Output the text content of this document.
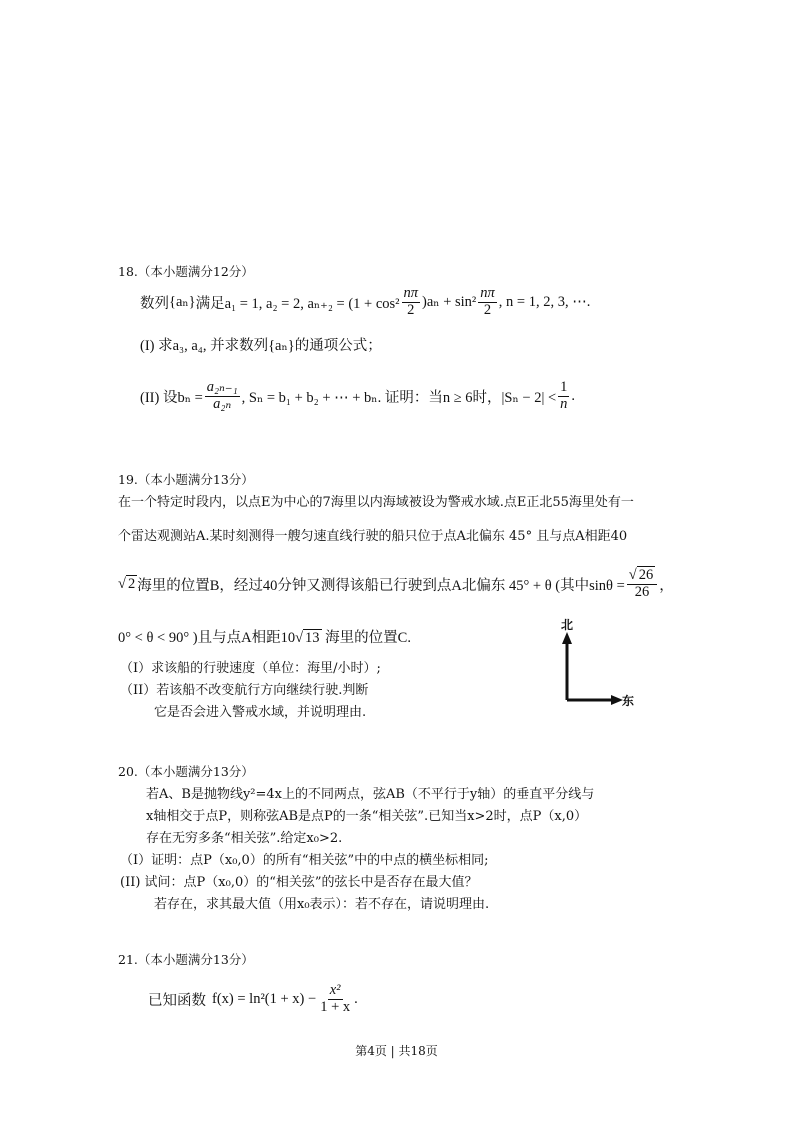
18.（本小题满分12分）
数列 {aₙ} 满足a₁ = 1, a₂ = 2, $a_{n+2} = (1 + \cos^2 \frac{n\pi}{2} )a_n + \sin^2 \frac{n\pi}{2}$ , n = 1, 2, 3, ⋯.
(I) 求a₃, a₄, 并求数列{aₙ}的通项公式；
(II) 设$b_n = \frac{\text{a₂ₙ₋₁}}{\text{a₂ₙ}}$ , Sₙ = b₁ + b₂ + ⋯ + bₙ. 证明：当n ≥ 6时，$|S_n - 2| < \frac{1}{n}$ .
19.（本小题满分13分）
在一个特定时段内，以点E为中心的7海里以内海域被设为警戒水域.点E正北55海里处有一
个雷达观测站A.某时刻测得一艘匀速直线行驶的船只位于点A北偏东 45° 且与点A相距40
√ 2 海里的位置B，经过40分钟又测得该船已行驶到点A北偏东 45° + θ (其中$\sin\theta = \frac{√ 26}{26}$ ，
0° < θ < 90° )且与点A相距10√ 13 海里的位置C.
（I）求该船的行驶速度（单位：海里/小时）;
（II）若该船不改变航行方向继续行驶.判断
它是否会进入警戒水域，并说明理由.
北
东
20.（本小题满分13分）
若A、B是抛物线y²=4x上的不同两点，弦AB（不平行于y轴）的垂直平分线与
x轴相交于点P，则称弦AB是点P的一条“相关弦”.已知当x>2时，点P（x,0）
存在无穷多条“相关弦”.给定x₀>2.
（I）证明：点P（x₀,0）的所有“相关弦”中的中点的横坐标相同;
(II) 试问：点P（x₀,0）的“相关弦”的弦长中是否存在最大值？
若存在，求其最大值（用x₀表示）：若不存在，请说明理由.
21.（本小题满分13分）
已知函数 $f(x) = \ln^2(1 + x) - \frac{\text{x²}}{1 + x}$ .
第4页 | 共18页
